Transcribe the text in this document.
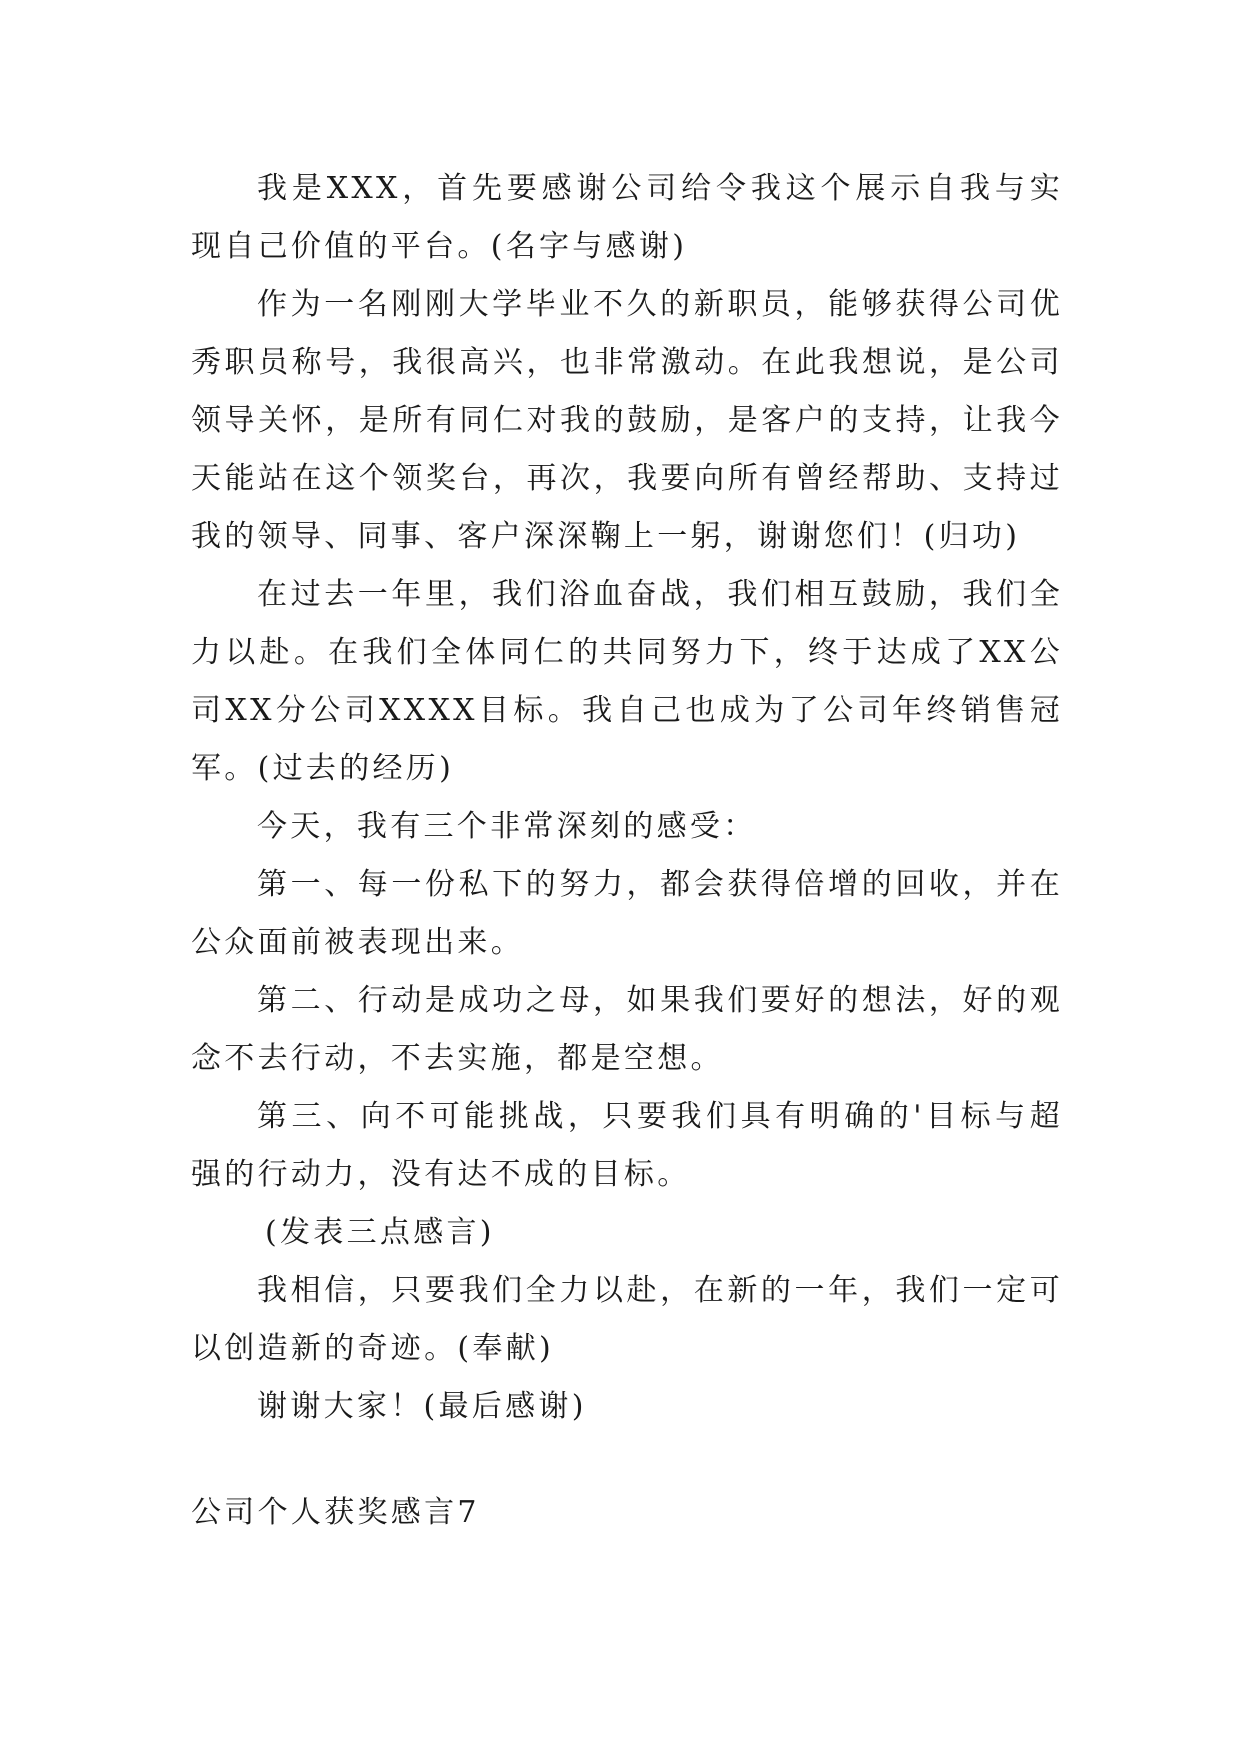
我是XXX，首先要感谢公司给令我这个展示自我与实现自己价值的平台。(名字与感谢)

作为一名刚刚大学毕业不久的新职员，能够获得公司优秀职员称号，我很高兴，也非常激动。在此我想说，是公司领导关怀，是所有同仁对我的鼓励，是客户的支持，让我今天能站在这个领奖台，再次，我要向所有曾经帮助、支持过我的领导、同事、客户深深鞠上一躬，谢谢您们！(归功)

在过去一年里，我们浴血奋战，我们相互鼓励，我们全力以赴。在我们全体同仁的共同努力下，终于达成了XX公司XX分公司XXXX目标。我自己也成为了公司年终销售冠军。(过去的经历)

今天，我有三个非常深刻的感受：

第一、每一份私下的努力，都会获得倍增的回收，并在公众面前被表现出来。

第二、行动是成功之母，如果我们要好的想法，好的观念不去行动，不去实施，都是空想。

第三、向不可能挑战，只要我们具有明确的'目标与超强的行动力，没有达不成的目标。

(发表三点感言)

我相信，只要我们全力以赴，在新的一年，我们一定可以创造新的奇迹。(奉献)

谢谢大家！(最后感谢)

公司个人获奖感言7
